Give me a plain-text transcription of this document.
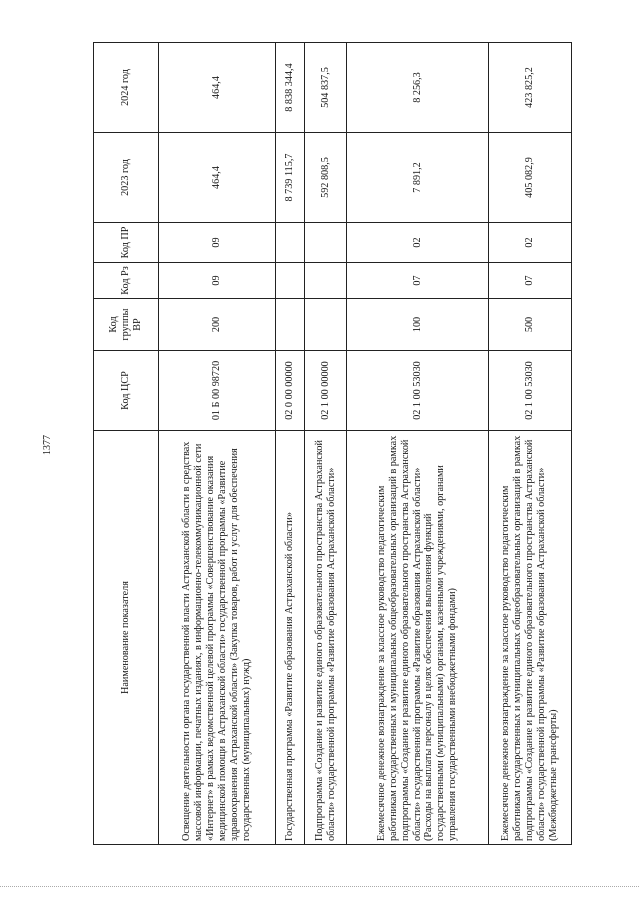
1377
Наименование показателя	Код ЦСР	Код группы ВР	Код Рз	Код ПР	2023 год	2024 год
Освещение деятельности органа государственной власти Астраханской области в средствах массовой информации, печатных изданиях, в информационно-телекоммуникационной сети «Интернет» в рамках ведомственной целевой программы «Совершенствование оказания медицинской помощи в Астраханской области» государственной программы «Развитие здравоохранения Астраханской области» (Закупка товаров, работ и услуг для обеспечения государственных (муниципальных) нужд)	01 Б 00 98720	200	09	09	464,4	464,4
Государственная программа «Развитие образования Астраханской области»	02 0 00 00000				8 739 115,7	8 838 344,4
Подпрограмма «Создание и развитие единого образовательного пространства Астраханской области» государственной программы «Развитие образования Астраханской области»	02 1 00 00000				592 808,5	504 837,5
Ежемесячное денежное вознаграждение за классное руководство педагогическим работникам государственных и муниципальных общеобразовательных организаций в рамках подпрограммы «Создание и развитие единого образовательного пространства Астраханской области» государственной программы «Развитие образования Астраханской области» (Расходы на выплаты персоналу в целях обеспечения выполнения функций государственными (муниципальными) органами, казенными учреждениями, органами управления государственными внебюджетными фондами)	02 1 00 53030	100	07	02	7 891,2	8 256,3
Ежемесячное денежное вознаграждение за классное руководство педагогическим работникам государственных и муниципальных общеобразовательных организаций в рамках подпрограммы «Создание и развитие единого образовательного пространства Астраханской области» государственной программы «Развитие образования Астраханской области» (Межбюджетные трансферты)	02 1 00 53030	500	07	02	405 082,9	423 825,2
